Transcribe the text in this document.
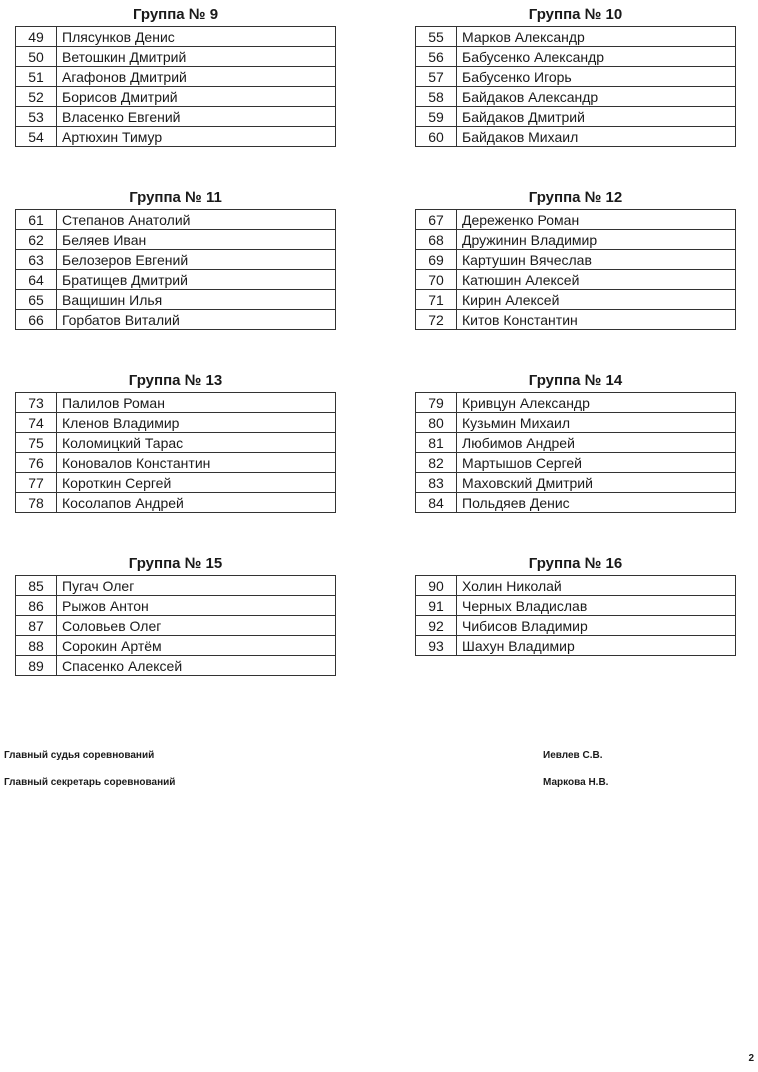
Группа № 9
49	Плясунков Денис
50	Ветошкин Дмитрий
51	Агафонов Дмитрий
52	Борисов Дмитрий
53	Власенко Евгений
54	Артюхин Тимур
Группа № 10
55	Марков Александр
56	Бабусенко Александр
57	Бабусенко Игорь
58	Байдаков Александр
59	Байдаков Дмитрий
60	Байдаков Михаил
Группа № 11
61	Степанов Анатолий
62	Беляев Иван
63	Белозеров Евгений
64	Братищев Дмитрий
65	Ващишин Илья
66	Горбатов Виталий
Группа № 12
67	Дереженко Роман
68	Дружинин Владимир
69	Картушин Вячеслав
70	Катюшин Алексей
71	Кирин Алексей
72	Китов Константин
Группа № 13
73	Палилов Роман
74	Кленов Владимир
75	Коломицкий Тарас
76	Коновалов Константин
77	Короткин Сергей
78	Косолапов Андрей
Группа № 14
79	Кривцун Александр
80	Кузьмин Михаил
81	Любимов Андрей
82	Мартышов Сергей
83	Маховский Дмитрий
84	Польдяев Денис
Группа № 15
85	Пугач Олег
86	Рыжов Антон
87	Соловьев Олег
88	Сорокин Артём
89	Спасенко Алексей
Группа № 16
90	Холин Николай
91	Черных Владислав
92	Чибисов Владимир
93	Шахун Владимир
Главный судья соревнований	Иевлев С.В.
Главный секретарь соревнований	Маркова Н.В.
2
